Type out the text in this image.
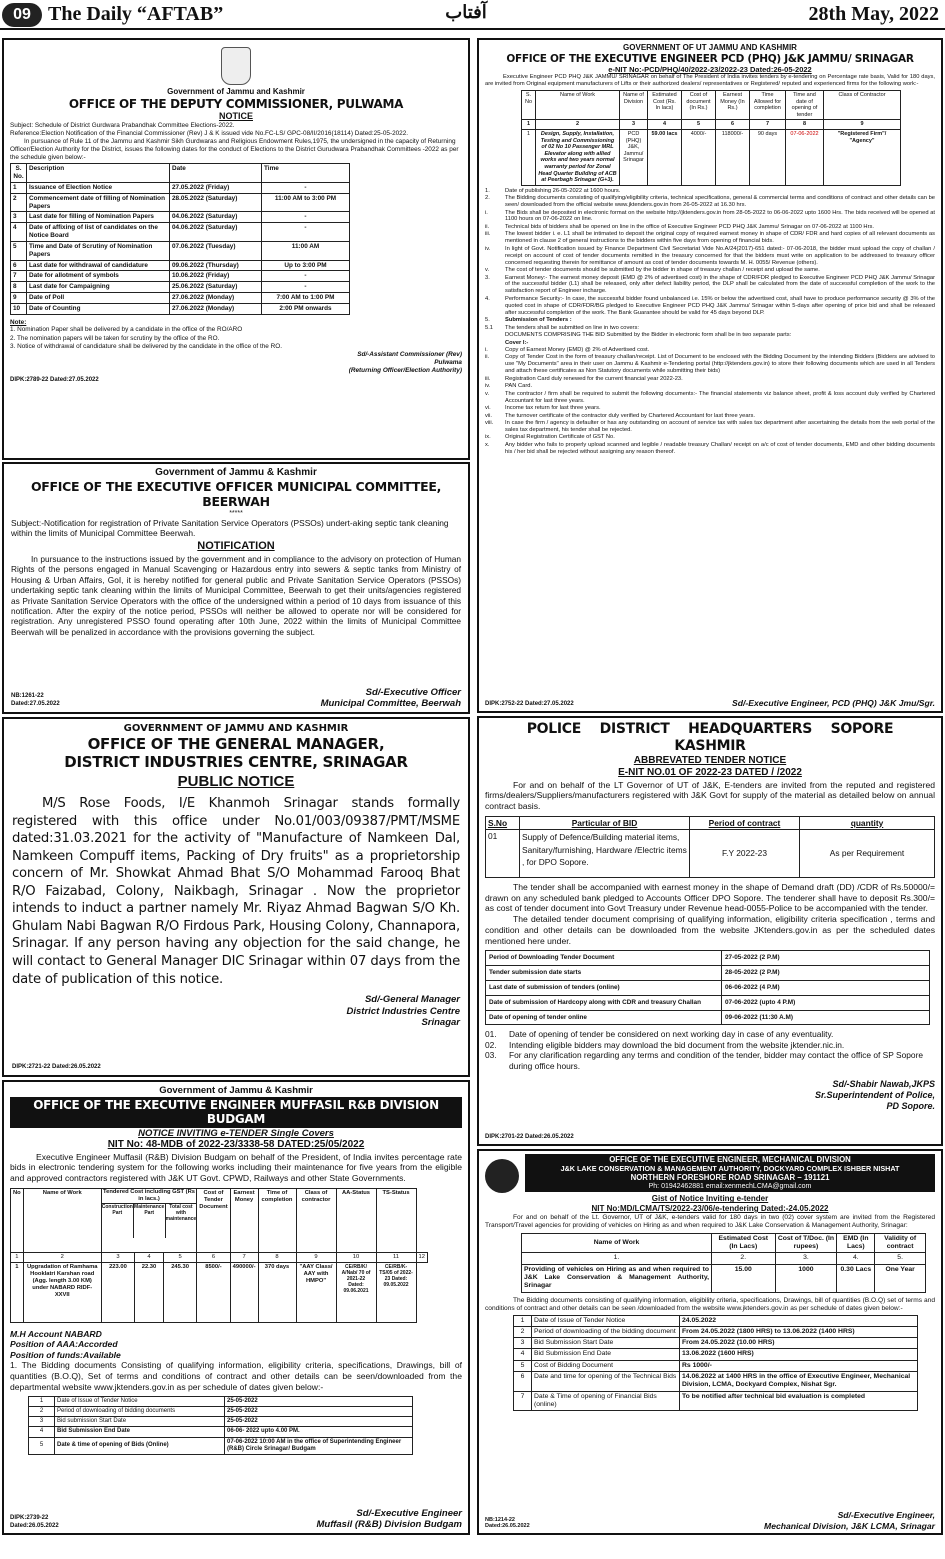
09 The Daily “AFTAB”	آفتاب	28th May, 2022
Government of Jammu and Kashmir
OFFICE OF THE DEPUTY COMMISSIONER, PULWAMA
NOTICE

Subject: Schedule of District Gurdwara Prabandhak Committee Elections-2022.

Reference:Election Notification of the Financial Commissioner (Rev) J & K issued vide No.FC-LS/ GPC-08/II/2016(18114) Dated:25-05-2022.

In pursuance of Rule 11 of the Jammu and Kashmir Sikh Gurdwaras and Religious Endowment Rules,1975, the undersigned in the capacity of Returning Officer/Election Authority for the District, issues the following dates for the conduct of Elections to the District Gurudwara Prabandhak Committees -2022 as per the schedule given below:-

S. No.	Description	Date	Time
1	Issuance of Election Notice	27.05.2022 (Friday)	-
2	Commencement date of filling of Nomination Papers	28.05.2022 (Saturday)	11:00 AM to 3:00 PM
3	Last date for filling of Nomination Papers	04.06.2022 (Saturday)	-
4	Date of affixing of list of candidates on the Notice Board	04.06.2022 (Saturday)	-
5	Time and Date of Scrutiny of Nomination Papers	07.06.2022 (Tuesday)	11:00 AM
6	Last date for withdrawal of candidature	09.06.2022 (Thursday)	Up to 3:00 PM
7	Date for allotment of symbols	10.06.2022 (Friday)	-
8	Last date for Campaigning	25.06.2022 (Saturday)	-
9	Date of Poll	27.06.2022 (Monday)	7:00 AM to 1:00 PM
10	Date of Counting	27.06.2022 (Monday)	2:00 PM onwards

Note:

1. Nomination Paper shall be delivered by a candidate in the office of the RO/ARO
2. The nomination papers will be taken for scrutiny by the office of the RO.
3. Notice of withdrawal of candidature shall be delivered by the candidate in the office of the RO.
Sd/-Assistant Commissioner (Rev)
Pulwama
(Returning Officer/Election Authority)
DIPK:2789-22 Dated:27.05.2022
Government of Jammu & Kashmir
OFFICE OF THE EXECUTIVE OFFICER MUNICIPAL COMMITTEE, BEERWAH
*****

Subject:-Notification for registration of Private Sanitation Service Operators (PSSOs) undert-aking septic tank cleaning within the limits of Municipal Committee Beerwah.

NOTIFICATION

In pursuance to the instructions issued by the government and in compliance to the advisory on protection of Human Rights of the persons engaged in Manual Scavenging or Hazardous entry into sewers & septic tanks from Ministry of Housing & Urban Affairs, GoI, it is hereby notified for general public and Private Sanitation Service Operators (PSSOs) undertaking septic tank cleaning within the limits of Municipal Committee, Beerwah to get their units/agencies registered as Private Sanitation Service Operators with the office of the undersigned within a period of 10 days from issuance of this notification. After the expiry of the notice period, PSSOs will neither be allowed to operate nor will be considered for registration. Any unregistered PSSO found operating after 10th June, 2022 within the limits of Municipal Committee Beerwah will be penalized in accordance with the provisions governing the subject.

NB:1261-22
Dated:27.05.2022
Sd/-Executive Officer
Municipal Committee, Beerwah
GOVERNMENT OF JAMMU AND KASHMIR
OFFICE OF THE GENERAL MANAGER,
DISTRICT INDUSTRIES CENTRE, SRINAGAR
PUBLIC NOTICE

M/S Rose Foods, I/E Khanmoh Srinagar stands formally registered with this office under No.01/003/09387/PMT/MSME dated:31.03.2021 for the activity of "Manufacture of Namkeen Dal, Namkeen Compuff items, Packing of Dry fruits" as a proprietorship concern of Mr. Showkat Ahmad Bhat S/O Mohammad Farooq Bhat R/O Faizabad, Colony, Naikbagh, Srinagar . Now the proprietor intends to induct a partner namely Mr. Riyaz Ahmad Bagwan S/O Kh. Ghulam Nabi Bagwan R/O Firdous Park, Housing Colony, Channapora, Srinagar. If any person having any objection for the said change, he will contact to General Manager DIC Srinagar within 07 days from the date of publication of this notice.

Sd/-General Manager
District Industries Centre
Srinagar
DIPK:2721-22 Dated:26.05.2022
Government of Jammu & Kashmir
OFFICE OF THE EXECUTIVE ENGINEER MUFFASIL R&B DIVISION BUDGAM
NOTICE INVITING e-TENDER Single Covers
NIT No: 48-MDB of 2022-23/3338-58 DATED:25/05/2022

Executive Engineer Muffasil (R&B) Division Budgam on behalf of the President, of India invites percentage rate bids in electronic tendering system for the following works including their maintenance for five years from the eligible and approved contractors registered with J&K UT Govt. CPWD, Railways and other State Governments.

No	Name of Work	Tendered Cost including GST (Rs in lacs.)
Construction Part
Maintenance Part
Total cost with maintenance			Cost of Tender Document	Earnest Money	Time of completion	Class of contractor	AA-Status	TS-Status	
1	2	3	4	5	6	7	8	9	10	11	12
1	Upgradation of Ramhama Hooklatri Karshan road (Agg. length 3.00 KM) under NABARD RIDF-XXVII	223.00	22.30	245.30	8500/-	490000/-	370 days	"AAY Class/ AAY with HMPO"	CE/RB/K/ A/Nab/ 70 of 2021-22 Dated: 09.06.2021	CE/RB/K- TS/05 of 2022-23 Dated: 09.05.2022	
M.H Account NABARD
Position of AAA:Accorded
Position of funds:Available

1. The Bidding documents Consisting of qualifying information, eligibility criteria, specifications, Drawings, bill of quantities (B.O.Q), Set of terms and conditions of contract and other details can be seen/downloaded from the departmental website www.jktenders.gov.in as per schedule of dates given below:-

1	Date of Issue of Tender Notice	25-05-2022
2	Period of downloading of bidding documents	25-05-2022
3	Bid submission Start Date	25-05-2022
4	Bid Submission End Date	06-06- 2022 upto 4.00 PM.
5	Date & time of opening of Bids (Online)	07-06-2022 10:00 AM in the office of Superintending Engineer (R&B) Circle Srinagar/ Budgam
DIPK:2739-22
Dated:26.05.2022
Sd/-Executive Engineer
Muffasil (R&B) Division Budgam
GOVERNMENT OF UT JAMMU AND KASHMIR
OFFICE OF THE EXECUTIVE ENGINEER PCD (PHQ) J&K JAMMU/ SRINAGAR
e-NIT No:-PCD/PHQ/40/2022-23/2022-23 Dated:26-05-2022

Executive Engineer PCD PHQ J&K JAMMU/ SRINAGAR on behalf of The President of India invites tenders by e-tendering on Percentage rate basis, Valid for 180 days, are invited from Original equipment manufacturers of Lifts or their authorized dealers/ representatives or Registered/ reputed and experienced firms for the following work:-

S. No	Name of Work	Name of Division	Estimated Cost (Rs. In lacs)	Cost of document (In Rs.)	Earnest Money (In Rs.)	Time Allowed for completion	Time and date of opening of tender	Class of Contractor
1	2	3	4	5	6	7	8	9
1	Design, Supply, Installation, Testing and Commissioning of 02 No 10 Passenger MRL Elevator along with allied works and two years normal warranty period for Zonal Head Quarter Building of ACB at Peerbagh Srinagar (G+3).	PCD (PHQ) J&K, Jammu/ Srinagar	59.00 lacs	4000/-	118000/-	90 days	07-06-2022	"Registered Firm"/ "Agency"
1.	Date of publishing 26-05-2022 at 1600 hours.
2.	The Bidding documents consisting of qualifying/eligibility criteria, technical specifications, general & commercial terms and conditions of contract and other details can be seen/ downloaded from the official website www.jktenders.gov.in from 26-05-2022 at 16.30 hrs.
i.	The Bids shall be deposited in electronic format on the website http://jktenders.gov.in from 28-05-2022 to 06-06-2022 upto 1600 Hrs. The bids received will be opened at 1100 hours on 07-06-2022 on line.
ii.	Technical bids of bidders shall be opened on line in the office of Executive Engineer PCD PHQ J&K Jammu/ Srinagar on 07-06-2022 at 1100 Hrs.
iii.	The lowest bidder i. e. L1 shall be intimated to deposit the original copy of required earnest money in shape of CDR/ FDR and hard copies of all relevant documents as mentioned in clause 2 of general instructions to the bidders within five days from opening of financial bids.
iv.	In light of Govt. Notification issued by Finance Department Civil Secretariat Vide No.A/24(2017)-651 dated:- 07-06-2018, the bidder must upload the copy of challan / receipt on account of cost of tender documents remitted in the treasury concerned for that the bidders must write on application to be addressed to treasury officer concerned requesting therein for remittance of amount as cost of tender documents towards M. H. 0055/ Revenue (others).
v.	The cost of tender documents should be submitted by the bidder in shape of treasury challan / receipt and upload the same.
3.	Earnest Money:- The earnest money deposit (EMD @ 2% of advertised cost) in the shape of CDR/FDR pledged to Executive Engineer PCD PHQ J&K Jammu/ Srinagar of the successful bidder (L1) shall be released, only after defect liability period, the DLP shall be calculated from the date of successful completion of the work to the satisfaction report of Engineer incharge.
4.	Performance Security:- In case, the successful bidder found unbalanced i.e. 15% or below the advertised cost, shall have to produce performance security @ 3% of the quoted cost in shape of CDR/FDR/BG pledged to Executive Engineer PCD PHQ J&K Jammu/ Srinagar within 5-days after opening of price bid and shall be released after successful completion of the work. The Bank Guarantee should be valid for 45 days beyond DLP.
5.	Submission of Tenders :
5.1	The tenders shall be submitted on line in two covers:
DOCUMENTS COMPRISING THE BID Submitted by the Bidder in electronic form shall be in two separate parts:
Cover I:-
i.	Copy of Earnest Money (EMD) @ 2% of Advertised cost.
ii.	Copy of Tender Cost in the form of treasury challan/receipt. List of Document to be enclosed with the Bidding Document by the intending Bidders (Bidders are advised to use "My Documents" area in their user on Jammu & Kashmir e-Tendering portal (http://jktenders.gov.in) to store their following documents which are used in all Tenders and attach these certificates as Non Statutory documents while submitting their bids)
iii.	Registration Card duly renewed for the current financial year 2022-23.
iv.	PAN Card.
v.	The contractor / firm shall be required to submit the following documents:- The financial statements viz balance sheet, profit & loss account duly verified by Chartered Accountant for last three years.
vi.	Income tax return for last three years.
vii.	The turnover certificate of the contractor duly verified by Chartered Accountant for last three years.
viii.	In case the firm / agency is defaulter or has any outstanding on account of service tax with sales tax department after ascertaining the details from the web portal of the sales tax department, his tender shall be rejected.
ix.	Original Registration Certificate of GST No.
x.	Any bidder who fails to properly upload scanned and legible / readable treasury Challan/ receipt on a/c of cost of tender documents, EMD and other bidding documents his / her bid shall be rejected without assigning any reason thereof.
DIPK:2752-22 Dated:27.05.2022	Sd/-Executive Engineer, PCD (PHQ) J&K Jmu/Sgr.
POLICE DISTRICT HEADQUARTERS SOPORE KASHMIR
ABBREVATED TENDER NOTICE
E-NIT NO.01 OF 2022-23 DATED / /2022

For and on behalf of the LT Governor of UT of J&K, E-tenders are invited from the reputed and registered firms/dealers/Suppliers/manufacturers registered with J&K Govt for supply of the material as detailed below on annual contract basis.

S.No	Particular of BID	Period of contract	quantity
01	Supply of Defence/Building material items, Sanitary/furnishing, Hardware /Electric items , for DPO Sopore.	F.Y 2022-23	As per Requirement

The tender shall be accompanied with earnest money in the shape of Demand draft (DD) /CDR of Rs.50000/= drawn on any scheduled bank pledged to Accounts Officer DPO Sopore. The tenderer shall have to deposit Rs.300/= as cost of tender document into Govt Treasury under Revenue head-0055-Police to be accompanied with the tender.

The detailed tender document comprising of qualifying information, eligibility criteria specification , terms and condition and other details can be downloaded from the website JKtenders.gov.in as per the scheduled dates mentioned here under.

Period of Downloading Tender Document	27-05-2022 (2 P.M)
Tender submission date starts	28-05-2022 (2 P.M)
Last date of submission of tenders (online)	06-06-2022 (4 P.M)
Date of submission of Hardcopy along with CDR and treasury Challan	07-06-2022 (upto 4 P.M)
Date of opening of tender online	09-06-2022 (11:30 A.M)
01.	Date of opening of tender be considered on next working day in case of any eventuality.
02.	Intending eligible bidders may download the bid document from the website jktender.nic.in.
03.	For any clarification regarding any terms and condition of the tender, bidder may contact the office of SP Sopore during office hours.
Sd/-Shabir Nawab,JKPS
Sr.Superintendent of Police,
PD Sopore.
DIPK:2701-22 Dated:26.05.2022
OFFICE OF THE EXECUTIVE ENGINEER, MECHANICAL DIVISION
J&K LAKE CONSERVATION & MANAGEMENT AUTHORITY, DOCKYARD COMPLEX ISHBER NISHAT
NORTHERN FORESHORE ROAD SRINAGAR – 191121
Ph: 01942462881 email:xenmechLCMA@gmail.com
Gist of Notice Inviting e-tender
NIT No:MD/LCMA/TS/2022-23/06/e-tendering Dated:-24.05.2022

For and on behalf of the Lt. Governor, UT of J&K, e-tenders valid for 180 days in two (02) cover system are invited from the Registered Transport/Travel agencies for providing of vehicles on Hiring as and when required to J&K Lake Conservation & Management Authority, Srinagar:

Name of Work	Estimated Cost (In Lacs)	Cost of T/Doc. (In rupees)	EMD (In Lacs)	Validity of contract
1.	2.	3.	4.	5.
Providing of vehicles on Hiring as and when required to J&K Lake Conservation & Management Authority, Srinagar	15.00	1000	0.30 Lacs	One Year

The Bidding documents consisting of qualifying information, eligibility criteria, specifications, Drawings, bill of quantities (B.O.Q) set of terms and conditions of contract and other details can be seen /downloaded from the website www.jktenders.gov.in as per schedule of dates given below:-

1	Date of Issue of Tender Notice	24.05.2022
2	Period of downloading of the bidding document	From 24.05.2022 (1800 HRS) to 13.06.2022 (1400 HRS)
3	Bid Submission Start Date	From 24.05.2022 (10.00 HRS)
4	Bid Submission End Date	13.06.2022 (1600 HRS)
5	Cost of Bidding Document	Rs 1000/-
6	Date and time for opening of the Technical Bids	14.06.2022 at 1400 HRS in the office of Executive Engineer, Mechanical Division, LCMA, Dockyard Complex, Nishat Sgr.
7	Date & Time of opening of Financial Bids (online)	To be notified after technical bid evaluation is completed
NB:1214-22
Dated:26.05.2022
Sd/-Executive Engineer,
Mechanical Division, J&K LCMA, Srinagar
